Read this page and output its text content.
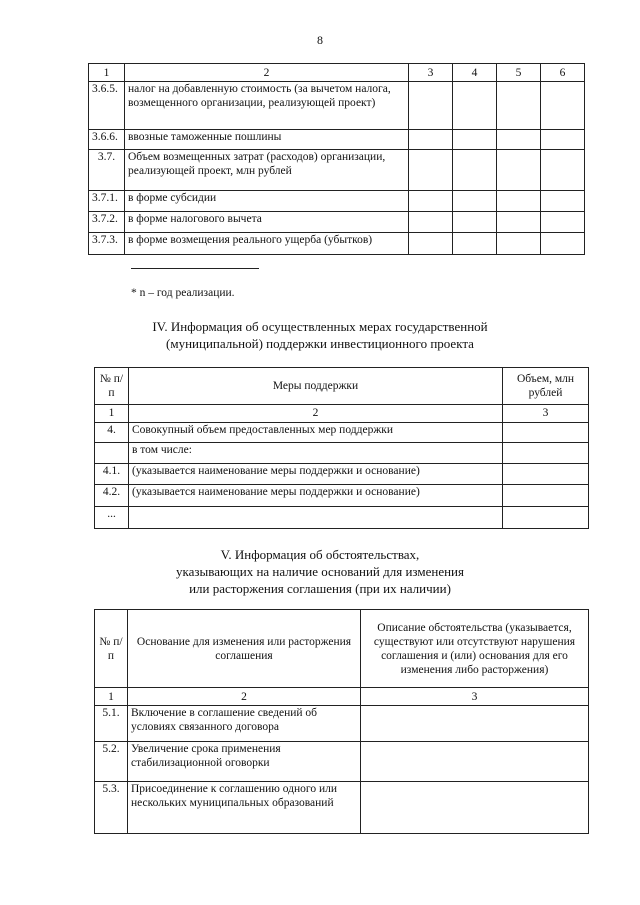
8
1	2	3	4	5	6
3.6.5.	налог на добавленную стоимость (за вычетом налога, возмещенного организации, реализующей проект)				
3.6.6.	ввозные таможенные пошлины				
3.7.	Объем возмещенных затрат (расходов) организации, реализующей проект, млн рублей				
3.7.1.	в форме субсидии				
3.7.2.	в форме налогового вычета				
3.7.3.	в форме возмещения реального ущерба (убытков)				
* n – год реализации.
IV. Информация об осуществленных мерах государственной
(муниципальной) поддержки инвестиционного проекта
№ п/п	Меры поддержки	Объем, млн рублей
1	2	3
4.	Совокупный объем предоставленных мер поддержки	
	в том числе:	
4.1.	(указывается наименование меры поддержки и основание)	
4.2.	(указывается наименование меры поддержки и основание)	
...		
V. Информация об обстоятельствах,
указывающих на наличие оснований для изменения
или расторжения соглашения (при их наличии)
№ п/п	Основание для изменения или расторжения соглашения	Описание обстоятельства (указывается, существуют или отсутствуют нарушения соглашения и (или) основания для его изменения либо расторжения)
1	2	3
5.1.	Включение в соглашение сведений об условиях связанного договора	
5.2.	Увеличение срока применения стабилизационной оговорки	
5.3.	Присоединение к соглашению одного или нескольких муниципальных образований	
